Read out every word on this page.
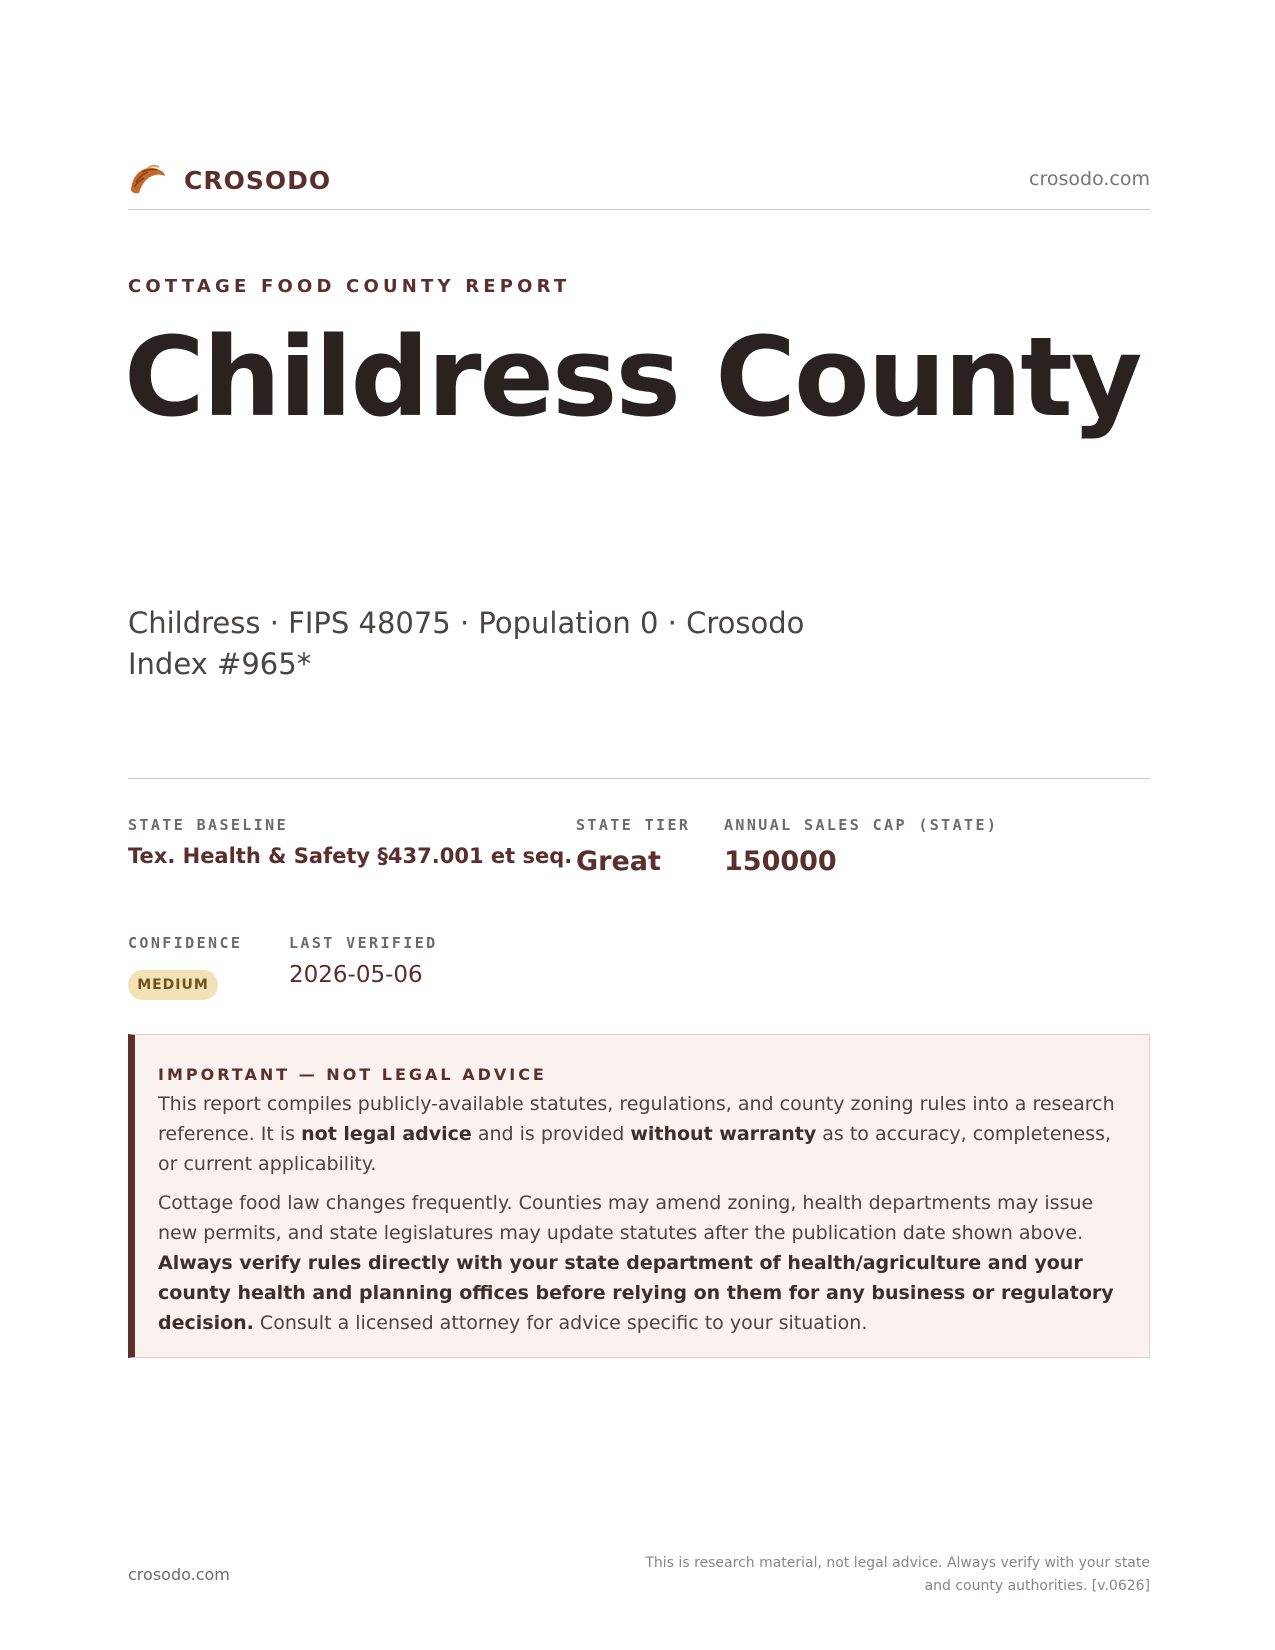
CROSODO	crosodo.com
COTTAGE FOOD COUNTY REPORT
Childress County
Childress · FIPS 48075 · Population 0 · Crosodo Index #965*
STATE BASELINE
Tex. Health & Safety §437.001 et seq.
STATE TIER
Great
ANNUAL SALES CAP (STATE)
150000
CONFIDENCE
MEDIUM
LAST VERIFIED
2026-05-06
IMPORTANT — NOT LEGAL ADVICE

This report compiles publicly-available statutes, regulations, and county zoning rules into a research reference. It is not legal advice and is provided without warranty as to accuracy, completeness, or current applicability.

Cottage food law changes frequently. Counties may amend zoning, health departments may issue new permits, and state legislatures may update statutes after the publication date shown above. Always verify rules directly with your state department of health/agriculture and your county health and planning offices before relying on them for any business or regulatory decision. Consult a licensed attorney for advice specific to your situation.

crosodo.com
This is research material, not legal advice. Always verify with your state and county authorities. [v.0626]
